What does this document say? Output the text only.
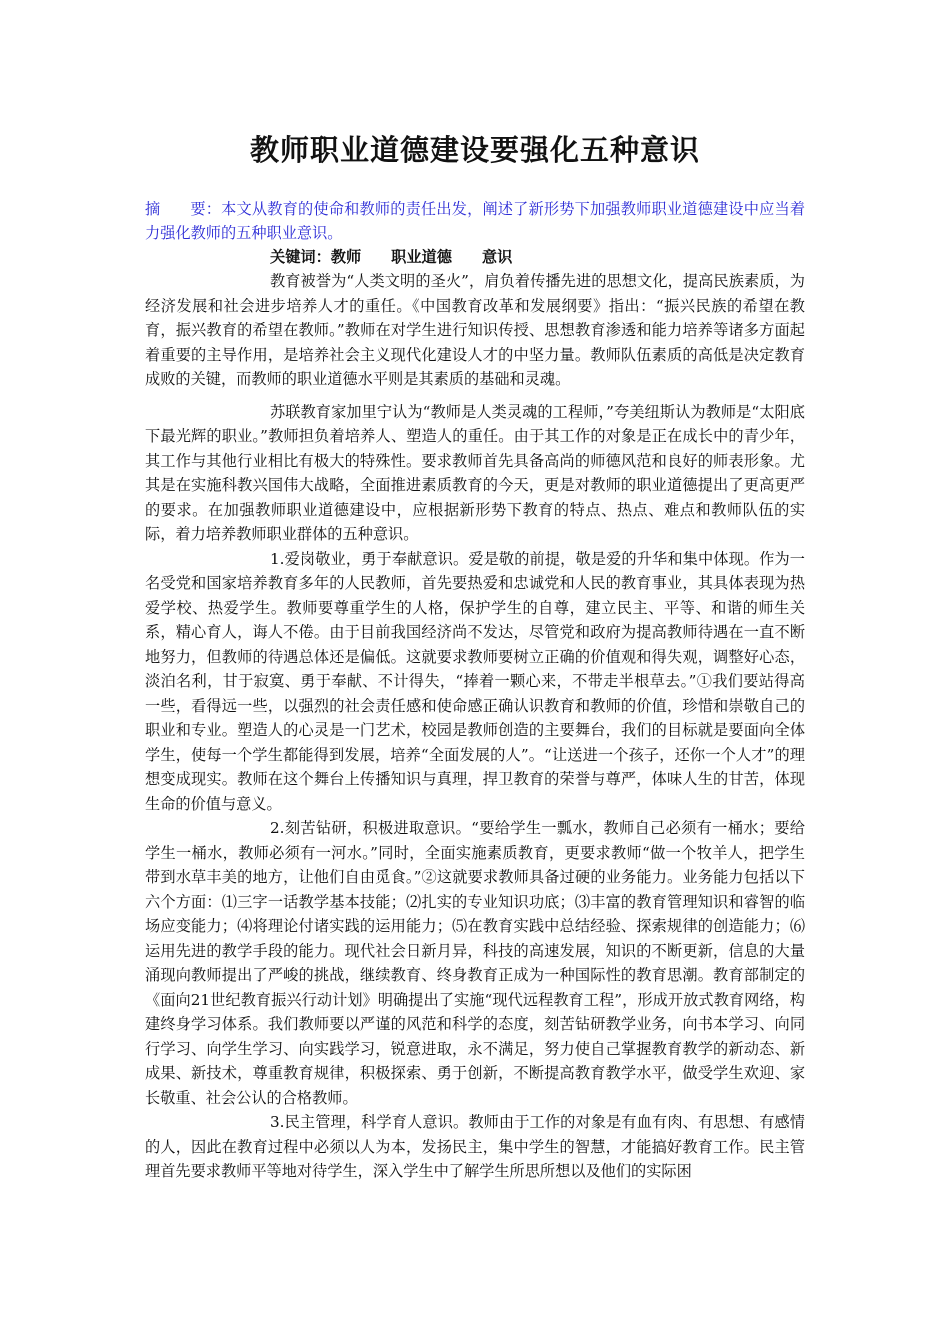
教师职业道德建设要强化五种意识
摘      要：本文从教育的使命和教师的责任出发，阐述了新形势下加强教师职业道德建设中应当着力强化教师的五种职业意识。
关键词：教师 职业道德 意识

教育被誉为“人类文明的圣火”，肩负着传播先进的思想文化，提高民族素质，为经济发展和社会进步培养人才的重任。《中国教育改革和发展纲要》指出：“振兴民族的希望在教育，振兴教育的希望在教师。”教师在对学生进行知识传授、思想教育渗透和能力培养等诸多方面起着重要的主导作用，是培养社会主义现代化建设人才的中坚力量。教师队伍素质的高低是决定教育成败的关键，而教师的职业道德水平则是其素质的基础和灵魂。

苏联教育家加里宁认为“教师是人类灵魂的工程师，”夸美纽斯认为教师是“太阳底下最光辉的职业。”教师担负着培养人、塑造人的重任。由于其工作的对象是正在成长中的青少年，其工作与其他行业相比有极大的特殊性。要求教师首先具备高尚的师德风范和良好的师表形象。尤其是在实施科教兴国伟大战略，全面推进素质教育的今天，更是对教师的职业道德提出了更高更严的要求。在加强教师职业道德建设中，应根据新形势下教育的特点、热点、难点和教师队伍的实际，着力培养教师职业群体的五种意识。

1.爱岗敬业，勇于奉献意识。爱是敬的前提，敬是爱的升华和集中体现。作为一名受党和国家培养教育多年的人民教师，首先要热爱和忠诚党和人民的教育事业，其具体表现为热爱学校、热爱学生。教师要尊重学生的人格，保护学生的自尊，建立民主、平等、和谐的师生关系，精心育人，诲人不倦。由于目前我国经济尚不发达，尽管党和政府为提高教师待遇在一直不断地努力，但教师的待遇总体还是偏低。这就要求教师要树立正确的价值观和得失观，调整好心态，淡泊名利，甘于寂寞、勇于奉献、不计得失，“捧着一颗心来，不带走半根草去。”①我们要站得高一些，看得远一些，以强烈的社会责任感和使命感正确认识教育和教师的价值，珍惜和崇敬自己的职业和专业。塑造人的心灵是一门艺术，校园是教师创造的主要舞台，我们的目标就是要面向全体学生，使每一个学生都能得到发展，培养“全面发展的人”。“让送进一个孩子，还你一个人才”的理想变成现实。教师在这个舞台上传播知识与真理，捍卫教育的荣誉与尊严，体味人生的甘苦，体现生命的价值与意义。

2.刻苦钻研，积极进取意识。“要给学生一瓢水，教师自己必须有一桶水；要给学生一桶水，教师必须有一河水。”同时，全面实施素质教育，更要求教师“做一个牧羊人，把学生带到水草丰美的地方，让他们自由觅食。”②这就要求教师具备过硬的业务能力。业务能力包括以下六个方面：⑴三字一话教学基本技能；⑵扎实的专业知识功底；⑶丰富的教育管理知识和睿智的临场应变能力；⑷将理论付诸实践的运用能力；⑸在教育实践中总结经验、探索规律的创造能力；⑹运用先进的教学手段的能力。现代社会日新月异，科技的高速发展，知识的不断更新，信息的大量涌现向教师提出了严峻的挑战，继续教育、终身教育正成为一种国际性的教育思潮。教育部制定的《面向21世纪教育振兴行动计划》明确提出了实施“现代远程教育工程”，形成开放式教育网络，构建终身学习体系。我们教师要以严谨的风范和科学的态度，刻苦钻研教学业务，向书本学习、向同行学习、向学生学习、向实践学习，锐意进取，永不满足，努力使自己掌握教育教学的新动态、新成果、新技术，尊重教育规律，积极探索、勇于创新，不断提高教育教学水平，做受学生欢迎、家长敬重、社会公认的合格教师。

3.民主管理，科学育人意识。教师由于工作的对象是有血有肉、有思想、有感情的人，因此在教育过程中必须以人为本，发扬民主，集中学生的智慧，才能搞好教育工作。民主管理首先要求教师平等地对待学生，深入学生中了解学生所思所想以及他们的实际困
